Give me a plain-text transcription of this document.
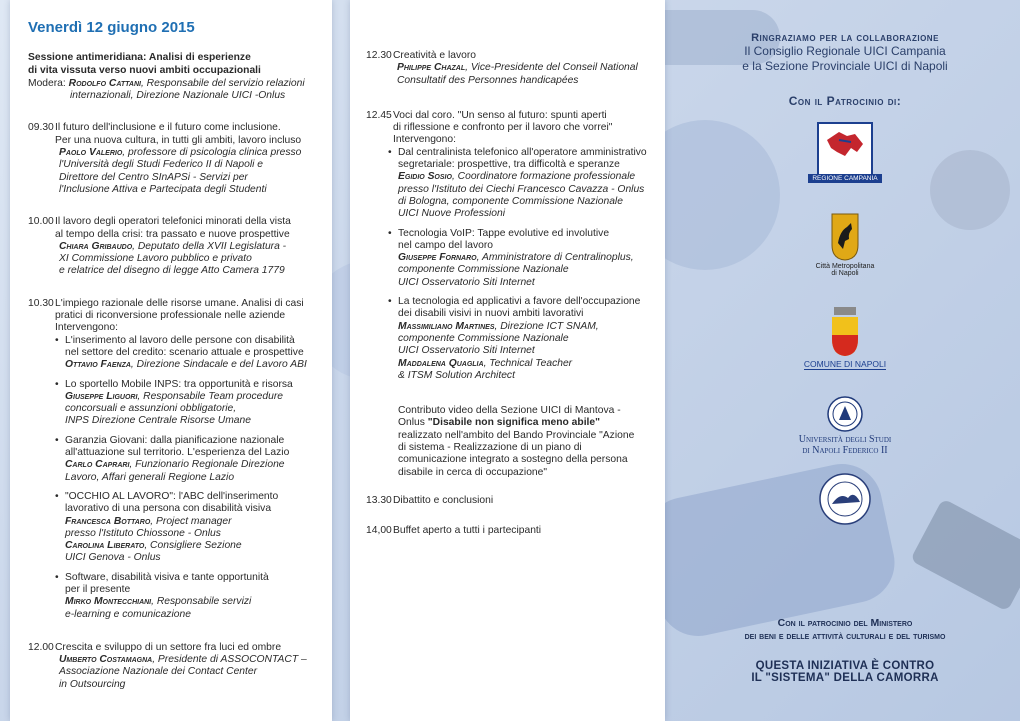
Venerdì 12 giugno 2015
Sessione antimeridiana: Analisi di esperienze
di vita vissuta verso nuovi ambiti occupazionali
Modera: Rodolfo Cattani, Responsabile del servizio relazioni
internazionali, Direzione Nazionale UICI -Onlus
09.30 Il futuro dell'inclusione e il futuro come inclusione.
Per una nuova cultura, in tutti gli ambiti, lavoro incluso
Paolo Valerio, professore di psicologia clinica presso
l'Università degli Studi Federico II di Napoli e
Direttore del Centro SInAPSi - Servizi per
l'Inclusione Attiva e Partecipata degli Studenti
10.00 Il lavoro degli operatori telefonici minorati della vista
al tempo della crisi: tra passato e nuove prospettive
Chiara Gribaudo, Deputato della XVII Legislatura -
XI Commissione Lavoro pubblico e privato
e relatrice del disegno di legge Atto Camera 1779
10.30 L'impiego razionale delle risorse umane. Analisi di casi
pratici di riconversione professionale nelle aziende
Intervengono:
• L'inserimento al lavoro delle persone con disabilità
nel settore del credito: scenario attuale e prospettive
Ottavio Faenza, Direzione Sindacale e del Lavoro ABI
• Lo sportello Mobile INPS: tra opportunità e risorsa
Giuseppe Liguori, Responsabile Team procedure
concorsuali e assunzioni obbligatorie,
INPS Direzione Centrale Risorse Umane
• Garanzia Giovani: dalla pianificazione nazionale
all'attuazione sul territorio. L'esperienza del Lazio
Carlo Caprari, Funzionario Regionale Direzione
Lavoro, Affari generali Regione Lazio
• "OCCHIO AL LAVORO": l'ABC dell'inserimento
lavorativo di una persona con disabilità visiva
Francesca Bottaro, Project manager
presso l'Istituto Chiossone - Onlus
Carolina Liberato, Consigliere Sezione
UICI Genova - Onlus
• Software, disabilità visiva e tante opportunità
per il presente
Mirko Montecchiani, Responsabile servizi
e-learning e comunicazione
12.00 Crescita e sviluppo di un settore fra luci ed ombre
Umberto Costamagna, Presidente di ASSOCONTACT –
Associazione Nazionale dei Contact Center
in Outsourcing
12.30 Creatività e lavoro
Philippe Chazal, Vice-Presidente del Conseil National
Consultatif des Personnes handicapées
12.45 Voci dal coro. "Un senso al futuro: spunti aperti
di riflessione e confronto per il lavoro che vorrei"
Intervengono:
• Dal centralinista telefonico all'operatore amministrativo
segretariale: prospettive, tra difficoltà e speranze
Egidio Sosio, Coordinatore formazione professionale
presso l'Istituto dei Ciechi Francesco Cavazza - Onlus
di Bologna, componente Commissione Nazionale
UICI Nuove Professioni
• Tecnologia VoIP: Tappe evolutive ed involutive
nel campo del lavoro
Giuseppe Fornaro, Amministratore di Centralinoplus,
componente Commissione Nazionale
UICI Osservatorio Siti Internet
• La tecnologia ed applicativi a favore dell'occupazione
dei disabili visivi in nuovi ambiti lavorativi
Massimiliano Martines, Direzione ICT SNAM,
componente Commissione Nazionale
UICI Osservatorio Siti Internet
Maddalena Quaglia, Technical Teacher
& ITSM Solution Architect
Contributo video della Sezione UICI di Mantova -
Onlus "Disabile non significa meno abile"
realizzato nell'ambito del Bando Provinciale "Azione
di sistema - Realizzazione di un piano di
comunicazione integrato a sostegno della persona
disabile in cerca di occupazione"
13.30 Dibattito e conclusioni
14,00 Buffet aperto a tutti i partecipanti
Ringraziamo per la collaborazione
Il Consiglio Regionale UICI Campania
e la Sezione Provinciale UICI di Napoli
Con il Patrocinio di:
REGIONE CAMPANIA
Città Metropolitana
di Napoli
COMUNE DI NAPOLI
Università degli Studi
di Napoli Federico II
Con il patrocinio del Ministero
dei beni e delle attività culturali e del turismo
QUESTA INIZIATIVA È CONTRO
IL "SISTEMA" DELLA CAMORRA
